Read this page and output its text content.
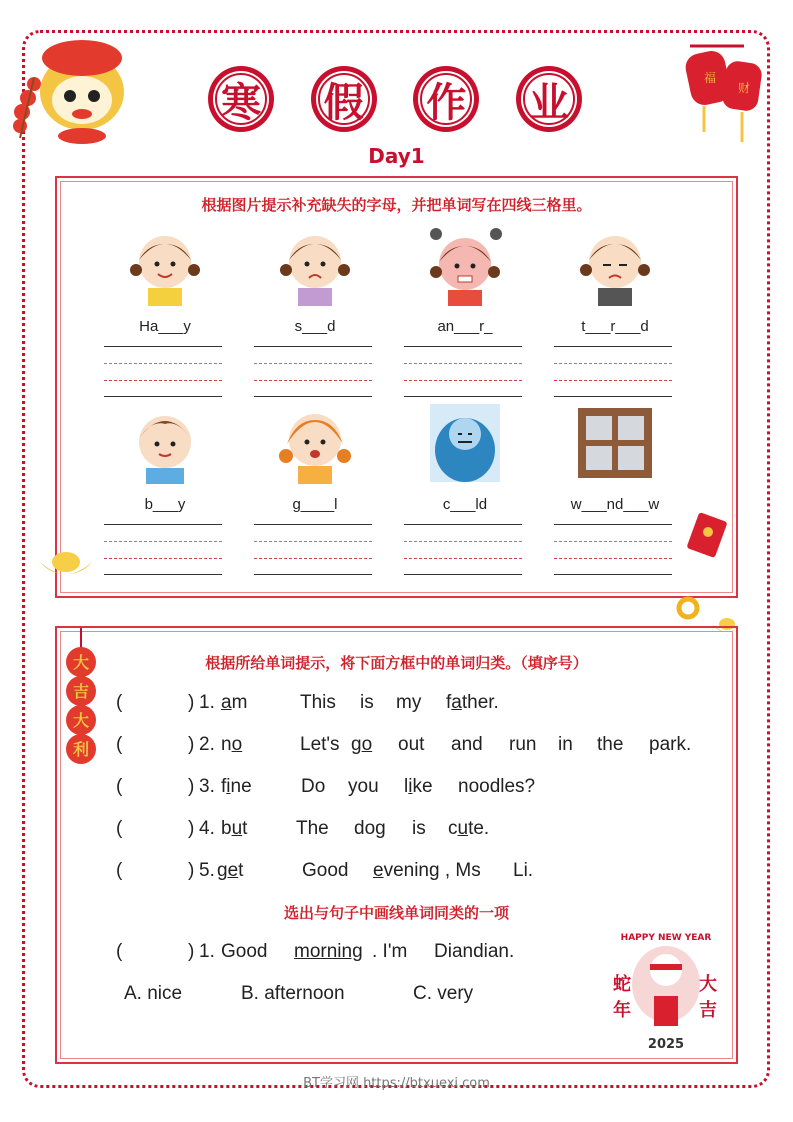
福
财
寒	假	作	业
Day1
根据图片提示补充缺失的字母，并把单词写在四线三格里。
Ha___y	s___d	an___r_	t___r___d
b___y	g____l	c___ld	w___nd___w
大
吉
大
利
根据所给单词提示，将下面方框中的单词归类。（填序号）
(	) 1. am	This is my father.
(	) 2. no	Let's go out and run in the park.
(	) 3. fine	Do you like noodles?
(	) 4. but	The dog is cute.
(	) 5. get	Good evening , Ms Li.
选出与句子中画线单词同类的一项
(	) 1. Good morning . I'm Diandian.
A. nice	B. afternoon	C. very
HAPPY NEW YEAR
蛇
年
大
吉
2025
BT学习网 https://btxuexi.com
